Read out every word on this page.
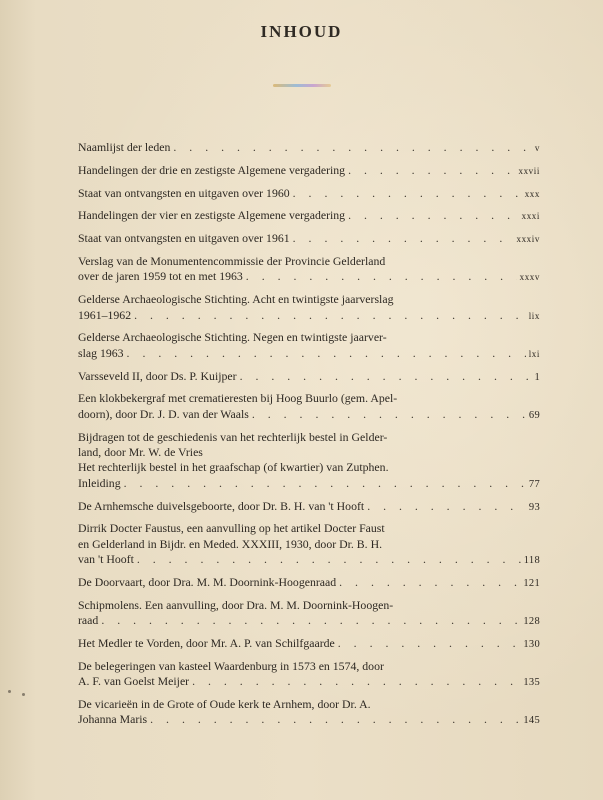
INHOUD
Naamlijst der leden . . .	v
Handelingen der drie en zestigste Algemene vergadering . . .	xxvii
Staat van ontvangsten en uitgaven over 1960 . . .	xxx
Handelingen der vier en zestigste Algemene vergadering . . .	xxxi
Staat van ontvangsten en uitgaven over 1961 . . .	xxxiv
Verslag van de Monumentencommissie der Provincie Gelderland
over de jaren 1959 tot en met 1963 . . .	xxxv
Gelderse Archaeologische Stichting. Acht en twintigste jaarverslag
1961–1962 . . .	lix
Gelderse Archaeologische Stichting. Negen en twintigste jaarver-
slag 1963 . . .	lxi
Varsseveld II, door Ds. P. Kuijper . . .	1
Een klokbekergraf met crematieresten bij Hoog Buurlo (gem. Apel-
doorn), door Dr. J. D. van der Waals . . .	69
Bijdragen tot de geschiedenis van het rechterlijk bestel in Gelder-
land, door Mr. W. de Vries
Het rechterlijk bestel in het graafschap (of kwartier) van Zutphen.
Inleiding . . .	77
De Arnhemsche duivelsgeboorte, door Dr. B. H. van 't Hooft . . .	93
Dirrik Docter Faustus, een aanvulling op het artikel Docter Faust
en Gelderland in Bijdr. en Meded. XXXIII, 1930, door Dr. B. H.
van 't Hooft . . .	118
De Doorvaart, door Dra. M. M. Doornink-Hoogenraad . . .	121
Schipmolens. Een aanvulling, door Dra. M. M. Doornink-Hoogen-
raad . . .	128
Het Medler te Vorden, door Mr. A. P. van Schilfgaarde . . .	130
De belegeringen van kasteel Waardenburg in 1573 en 1574, door
A. F. van Goelst Meijer . . .	135
De vicarieën in de Grote of Oude kerk te Arnhem, door Dr. A.
Johanna Maris . . .	145
